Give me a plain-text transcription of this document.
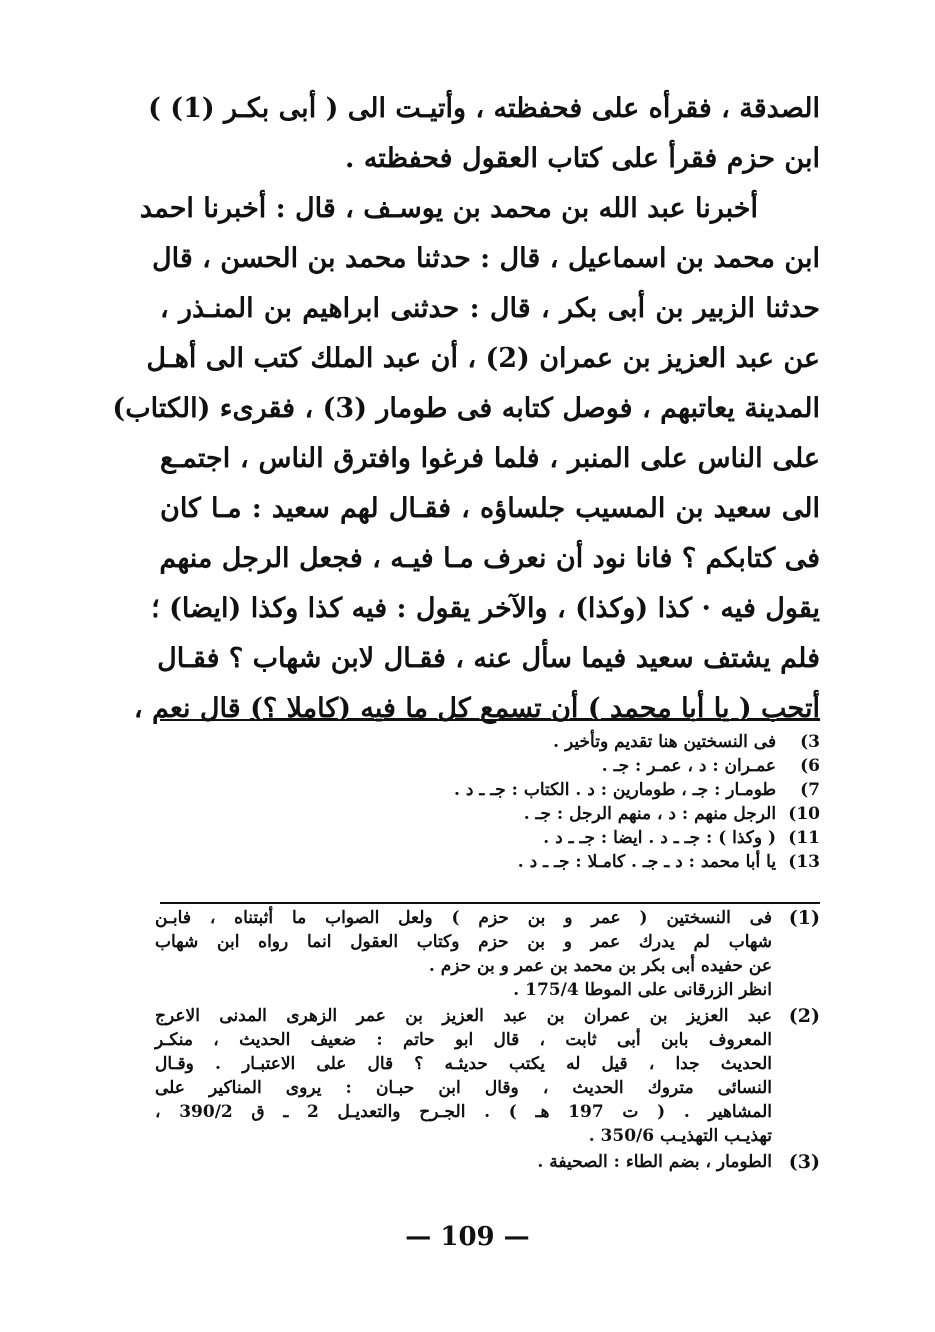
الصدقة ، فقرأه على فحفظته ، وأتيـت الى ( أبى بكـر (1) )
ابن حزم فقرأ على كتاب العقول فحفظته .
أخبرنا عبد الله بن محمد بن يوسـف ، قال : أخبرنا احمد
ابن محمد بن اسماعيل ، قال : حدثنا محمد بن الحسن ، قال
حدثنا الزبير بن أبى بكر ، قال : حدثنى ابراهيم بن المنـذر ،
عن عبد العزيز بن عمران (2) ، أن عبد الملك كتب الى أهـل
المدينة يعاتبهم ، فوصل كتابه فى طومار (3) ، فقرىء (الكتاب)
على الناس على المنبر ، فلما فرغوا وافترق الناس ، اجتمـع
الى سعيد بن المسيب جلساؤه ، فقـال لهم سعيد : مـا كان
فى كتابكم ؟ فانا نود أن نعرف مـا فيـه ، فجعل الرجل منهم
يقول فيه · كذا (وكذا) ، والآخر يقول : فيه كذا وكذا (ايضا) ؛
فلم يشتف سعيد فيما سأل عنه ، فقـال لابن شهاب ؟ فقـال
أتحب ( يا أبا محمد ) أن تسمع كل ما فيه (كاملا ؟) قال نعم ،
3) فى النسختين هنا تقديم وتأخير .
6) عمـران : د ، عمـر : جـ .
7) طومـار : جـ ، طومارين : د . الكتاب : جـ ـ د .
10) الرجل منهم : د ، منهم الرجل : جـ .
11) ( وكذا ) : جـ ـ د . ايضا : جـ ـ د .
13) يا أبا محمد : د ـ جـ . كامـلا : جـ ـ د .
(1)
فى النسختين ( عمر و بن حزم ) ولعل الصواب ما أثبتناه ، فابـن
شهاب لم يدرك عمر و بن حزم وكتاب العقول انما رواه ابن شهاب
عن حفيده أبى بكر بن محمد بن عمر و بن حزم .
انظر الزرقانى على الموطا 175/4 .
(2)
عبد العزيز بن عمران بن عبد العزيز بن عمر الزهرى المدنى الاعرج
المعروف بابن أبى ثابت ، قال ابو حاتم : ضعيف الحديث ، منكـر
الحديث جدا ، قيل له يكتب حديثـه ؟ قال على الاعتبـار . وقـال
النسائى متروك الحديث ، وقال ابن حبـان : يروى المناكير على
المشاهير . ( ت 197 هـ ) . الجـرح والتعديـل 2 ـ ق 390/2 ،
تهذيـب التهذيـب 350/6 .
(3)
الطومار ، بضم الطاء : الصحيفة .
— 109 —
